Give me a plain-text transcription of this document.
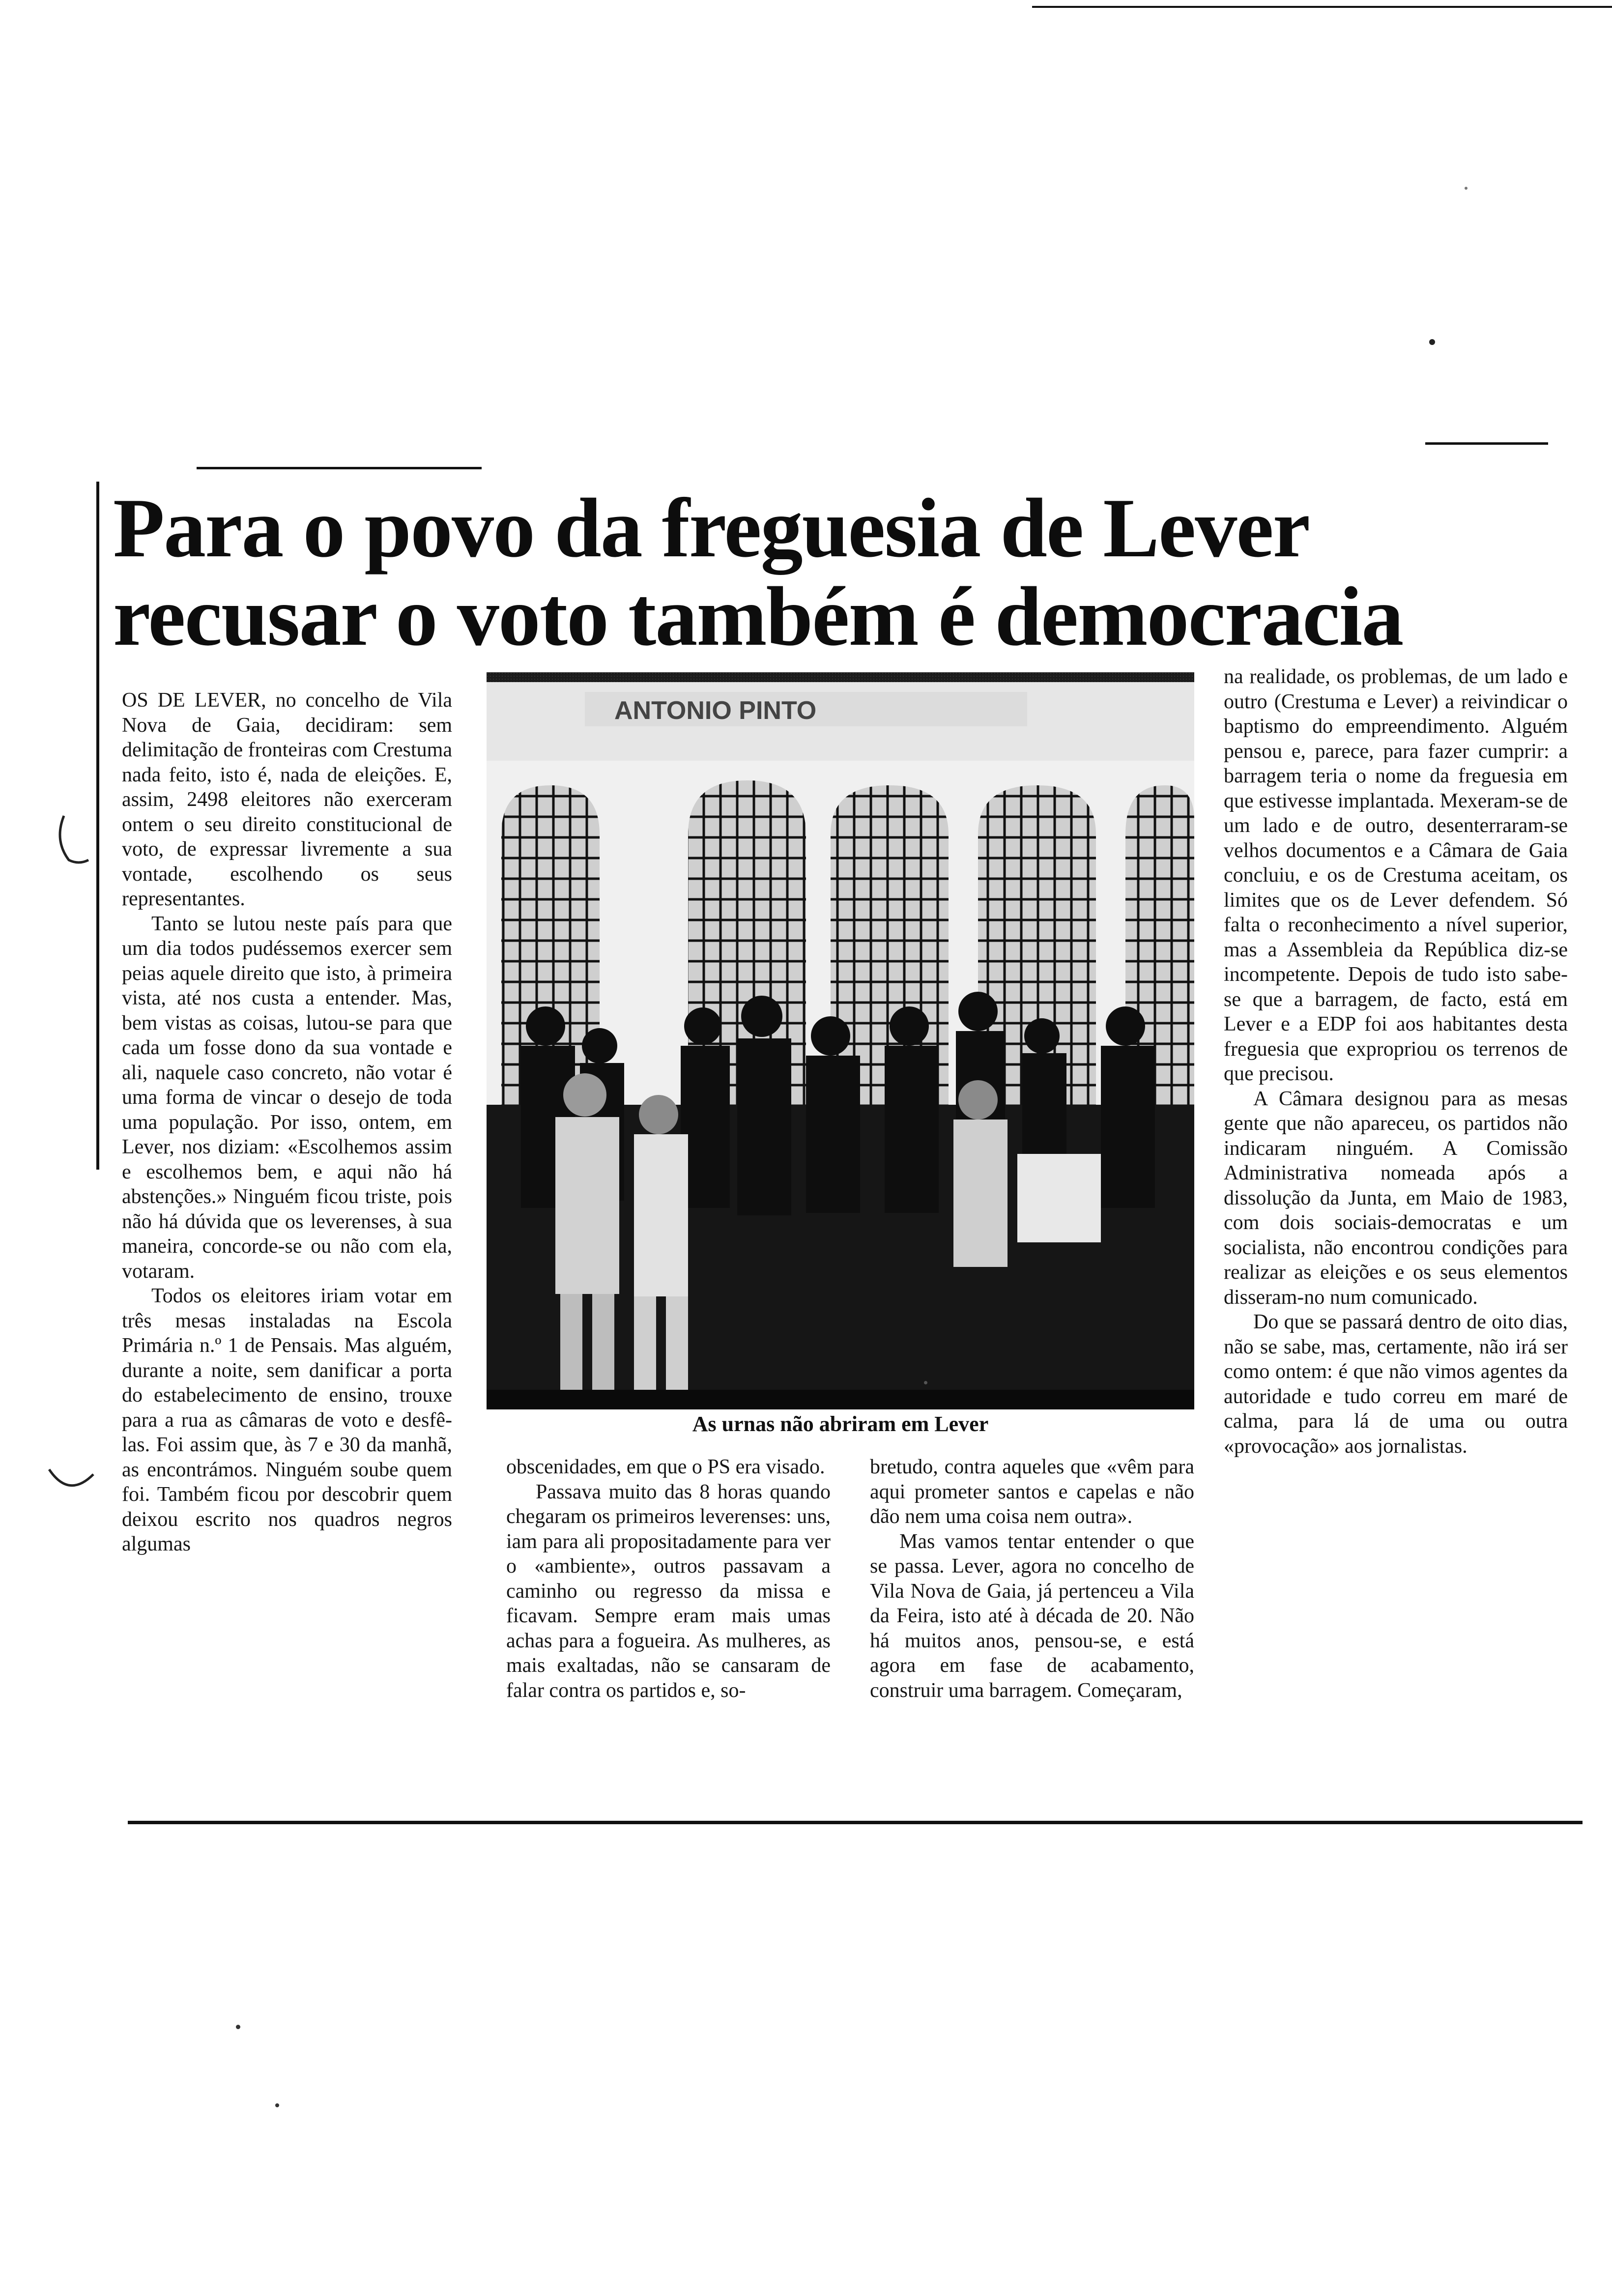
Para o povo da freguesia de Lever
recusar o voto também é democracia

OS DE LEVER, no concelho de Vila Nova de Gaia, decidiram: sem delimitação de fronteiras com Crestuma nada feito, isto é, nada de eleições. E, assim, 2498 eleitores não exerceram ontem o seu direito constitucional de voto, de expressar livremente a sua vontade, escolhendo os seus representantes.

Tanto se lutou neste país para que um dia todos pudéssemos exercer sem peias aquele direito que isto, à primeira vista, até nos custa a entender. Mas, bem vistas as coisas, lutou-se para que cada um fosse dono da sua vontade e ali, naquele caso concreto, não votar é uma forma de vincar o desejo de toda uma população. Por isso, ontem, em Lever, nos diziam: «Escolhemos assim e escolhemos bem, e aqui não há abstenções.» Ninguém ficou triste, pois não há dúvida que os leverenses, à sua maneira, concorde-se ou não com ela, votaram.

Todos os eleitores iriam votar em três mesas instaladas na Escola Primária n.º 1 de Pensais. Mas alguém, durante a noite, sem danificar a porta do estabelecimento de ensino, trouxe para a rua as câmaras de voto e desfê-las. Foi assim que, às 7 e 30 da manhã, as encontrámos. Ninguém soube quem foi. Também ficou por descobrir quem deixou escrito nos quadros negros algumas

ANTONIO PINTO
As urnas não abriram em Lever

obscenidades, em que o PS era visado.

Passava muito das 8 horas quando chegaram os primeiros leverenses: uns, iam para ali propositadamente para ver o «ambiente», outros passavam a caminho ou regresso da missa e ficavam. Sempre eram mais umas achas para a fogueira. As mulheres, as mais exaltadas, não se cansaram de falar contra os partidos e, so-

bretudo, contra aqueles que «vêm para aqui prometer santos e capelas e não dão nem uma coisa nem outra».

Mas vamos tentar entender o que se passa. Lever, agora no concelho de Vila Nova de Gaia, já pertenceu a Vila da Feira, isto até à década de 20. Não há muitos anos, pensou-se, e está agora em fase de acabamento, construir uma barragem. Começaram,

na realidade, os problemas, de um lado e outro (Crestuma e Lever) a reivindicar o baptismo do empreendimento. Alguém pensou e, parece, para fazer cumprir: a barragem teria o nome da freguesia em que estivesse implantada. Mexeram-se de um lado e de outro, desenterraram-se velhos documentos e a Câmara de Gaia concluiu, e os de Crestuma aceitam, os limites que os de Lever defendem. Só falta o reconhecimento a nível superior, mas a Assembleia da República diz-se incompetente. Depois de tudo isto sabe-se que a barragem, de facto, está em Lever e a EDP foi aos habitantes desta freguesia que expropriou os terrenos de que precisou.

A Câmara designou para as mesas gente que não apareceu, os partidos não indicaram ninguém. A Comissão Administrativa nomeada após a dissolução da Junta, em Maio de 1983, com dois sociais-democratas e um socialista, não encontrou condições para realizar as eleições e os seus elementos disseram-no num comunicado.

Do que se passará dentro de oito dias, não se sabe, mas, certamente, não irá ser como ontem: é que não vimos agentes da autoridade e tudo correu em maré de calma, para lá de uma ou outra «provocação» aos jornalistas.
